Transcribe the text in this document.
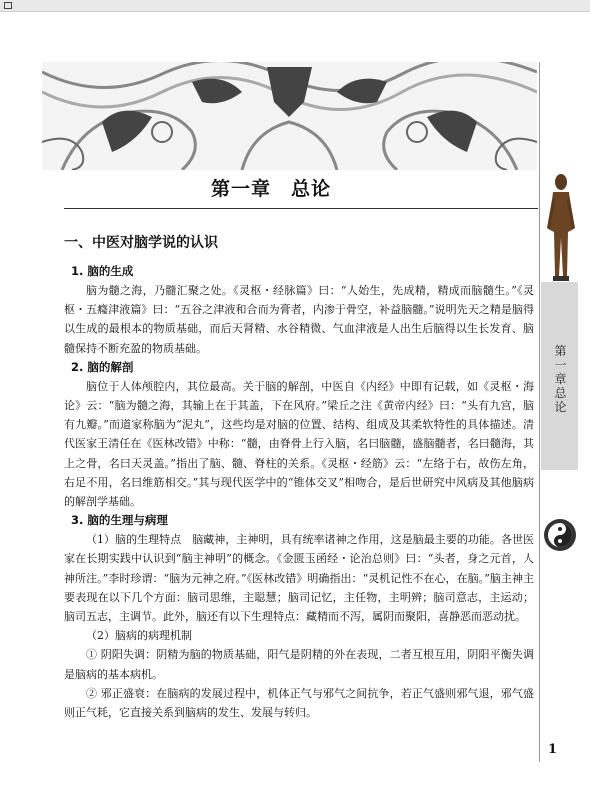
第一章　总论
第一章　总论
一、中医对脑学说的认识
1. 脑的生成

脑为髓之海，乃髓汇聚之处。《灵枢・经脉篇》曰：“人始生，先成精，精成而脑髓生。”《灵枢・五癃津液篇》曰：“五谷之津液和合而为膏者，内渗于骨空，补益脑髓。”说明先天之精是脑得以生成的最根本的物质基础，而后天肾精、水谷精微、气血津液是人出生后脑得以生长发育、脑髓保持不断充盈的物质基础。

2. 脑的解剖

脑位于人体颅腔内，其位最高。关于脑的解剖，中医自《内经》中即有记载，如《灵枢・海论》云：“脑为髓之海，其输上在于其盖，下在风府。”梁丘之注《黄帝内经》曰：“头有九宫，脑有九瓣。”而道家称脑为“泥丸”，这些均是对脑的位置、结构、组成及其柔软特性的具体描述。清代医家王清任在《医林改错》中称：“髓，由脊骨上行入脑，名曰脑髓，盛脑髓者，名曰髓海，其上之骨，名曰天灵盖。”指出了脑、髓、脊柱的关系。《灵枢・经筋》云：“左络于右，故伤左角，右足不用，名曰维筋相交。”其与现代医学中的“锥体交叉”相吻合，是后世研究中风病及其他脑病的解剖学基础。

3. 脑的生理与病理

（1）脑的生理特点　脑藏神，主神明，具有统率诸神之作用，这是脑最主要的功能。各世医家在长期实践中认识到“脑主神明”的概念。《金匮玉函经・论治总则》曰：“头者，身之元首，人神所注。”李时珍谓：“脑为元神之府。”《医林改错》明确指出：“灵机记性不在心，在脑。”脑主神主要表现在以下几个方面：脑司思维，主聪慧；脑司记忆，主任物，主明辨；脑司意志，主运动；脑司五志，主调节。此外，脑还有以下生理特点：藏精而不泻，属阴而聚阳，喜静恶而恶动扰。

（2）脑病的病理机制

① 阴阳失调：阴精为脑的物质基础，阳气是阴精的外在表现，二者互根互用，阴阳平衡失调是脑病的基本病机。

② 邪正盛衰：在脑病的发展过程中，机体正气与邪气之间抗争，若正气盛则邪气退，邪气盛则正气耗，它直接关系到脑病的发生、发展与转归。

1
